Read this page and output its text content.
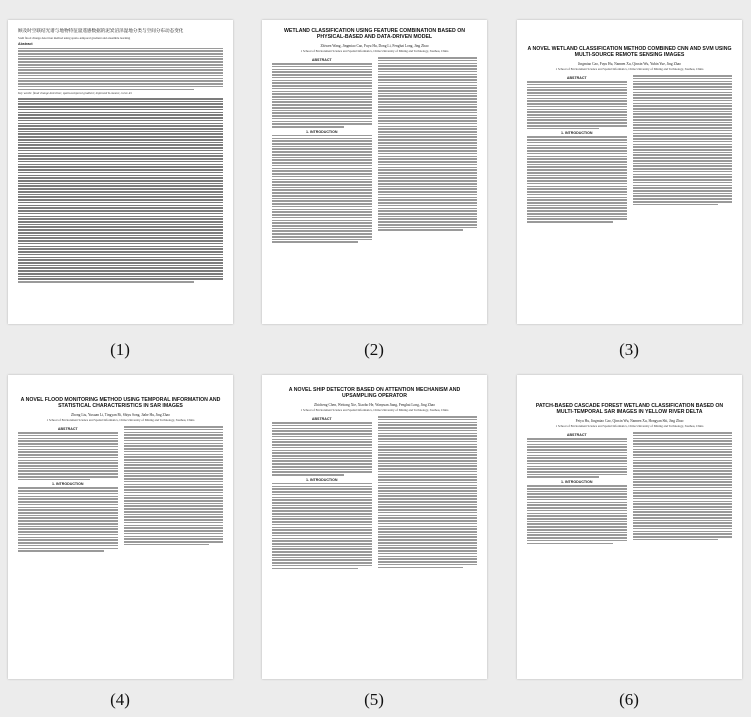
顾及时空联结光谱与地物特征量遥感数据的泥炭沼泽湿地分类与空间分布动态变化
SAR flood change detection method using spatio-temporal gradient and ensemble learning
Abstract
Key words: flood change detection; spatio-temporal gradient; improved K-means; curve-let
(1)
WETLAND CLASSIFICATION USING FEATURE COMBINATION BASED ON PHYSICAL-BASED AND DATA-DRIVEN MODEL
Zhiwen Wang, Jingmiao Cao, Fuyu Hu, Dong Li, Fenghai Long, Jing Zhao
1 School of Environment Science and Spatial Informatics, China University of Mining and Technology, Xuzhou, China
ABSTRACT
1. INTRODUCTION
(2)
A NOVEL WETLAND CLASSIFICATION METHOD COMBINED CNN AND SVM USING MULTI-SOURCE REMOTE SENSING IMAGES
Jingmiao Cao, Fuyu Hu, Nannen Xu, Qinxin Wu, Yubin Yue, Jing Zhao
1 School of Environment Science and Spatial Informatics, China University of Mining and Technology, Xuzhou, China
ABSTRACT
1. INTRODUCTION
(3)
A NOVEL FLOOD MONITORING METHOD USING TEMPORAL INFORMATION AND STATISTICAL CHARACTERISTICS IN SAR IMAGES
Zhong Liu, Yuxuan Li, Tingyan Bi, Shiyu Song, Jiahe Hu, Jing Zhao
1 School of Environment Science and Spatial Informatics, China University of Mining and Technology, Xuzhou, China
ABSTRACT
1. INTRODUCTION
(4)
A NOVEL SHIP DETECTOR BASED ON ATTENTION MECHANISM AND UPSAMPLING OPERATOR
Zhicheng Chen, Weitong Xie, Xiaobo He, Wanyuan Jiang, Fenghai Long, Jing Zhao
1 School of Environment Science and Spatial Informatics, China University of Mining and Technology, Xuzhou, China
ABSTRACT
1. INTRODUCTION
(5)
PATCH-BASED CASCADE FOREST WETLAND CLASSIFICATION BASED ON MULTI-TEMPORAL SAR IMAGES IN YELLOW RIVER DELTA
Feiyu Hu, Jingmiao Cao, Qinxin Wu, Nannen Xu, Hongyan Shi, Jing Zhao
1 School of Environment Science and Spatial Informatics, China University of Mining and Technology, Xuzhou, China
ABSTRACT
1. INTRODUCTION
(6)
